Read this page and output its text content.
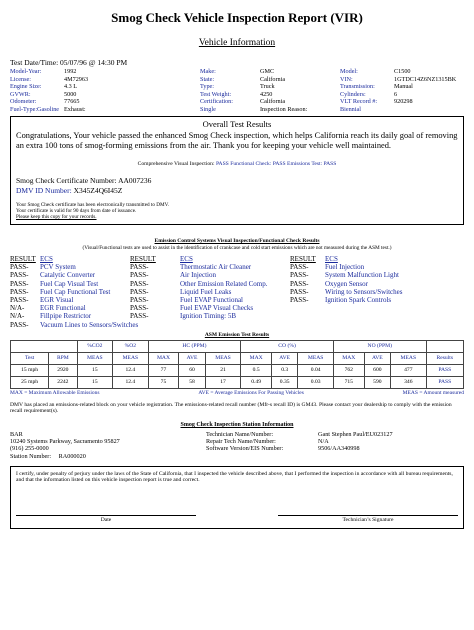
Smog Check Vehicle Inspection Report (VIR)
Vehicle Information
Test Date/Time: 05/07/96 @ 14:30 PM
Model-Year:	1992	Make:	GMC	Model:	C1500
License:	4M72963	State:	California	VIN:	1GTDC14Z6NZ1315BK
Engine Size:	4.3 L	Type:	Truck	Transmission:	Manual
GVWR:	5000	Test Weight:	4250	Cylinders:	6
Odometer:	77665	Certification:	California	VLT Record #:	920298
Fuel-Type:Gasoline Exhaust:	Single	Inspection Reason:	Biennial
Overall Test Results
Congratulations, Your vehicle passed the enhanced Smog Check inspection, which helps California reach its daily goal of removing an extra 100 tons of smog-forming emissions from the air. Thank you for keeping your vehicle well maintained.
Comprehensive Visual Inspection: PASS Functional Check: PASS Emissions Test: PASS
Smog Check Certificate Number: AA007236
DMV ID Number: X345Z4Q6I45Z
Your Smog Check certificate has been electronically transmitted to DMV.
Your certificate is valid for 90 days from date of issuance.
Please keep this copy for your records.
Emission Control Systems Visual Inspection/Functional Check Results
(Visual/Functional tests are used to assist in the identification of crankcase and cold start emissions which are not measured during the ASM test.)
RESULT ECS	RESULT	ECS	RESULT	ECS
PASS-	PCV System	PASS-	Thermostatic Air Cleaner	PASS-	Fuel Injection
PASS-	Catalytic Converter	PASS-	Air Injection	PASS-	System Malfunction Light
PASS-	Fuel Cap Visual Test	PASS-	Other Emission Related Comp.	PASS-	Oxygen Sensor
PASS-	Fuel Cap Functional Test	PASS-	Liquid Fuel Leaks	PASS-	Wiring to Sensors/Switches
PASS-	EGR Visual	PASS-	Fuel EVAP Functional	PASS-	Ignition Spark Controls
N/A-	EGR Functional	PASS-	Fuel EVAP Visual Checks
N/A-	Fillpipe Restrictor	PASS-	Ignition Timing: 5B
PASS-	Vacuum Lines to Sensors/Switches
ASM Emission Test Results
		%CO2	%O2	HC (PPM)			CO (%)			NO (PPM)			
Test	RPM	MEAS	MEAS	MAX	AVE	MEAS	MAX	AVE	MEAS	MAX	AVE	MEAS	Results
15 mph	2920	15	12.4	77	60	21	0.5	0.3	0.04	762	600	477	PASS
25 mph	2242	15	12.4	75	58	17	0.49	0.35	0.03	715	590	346	PASS
MAX = Maximum Allowable Emissions	AVE = Average Emissions For Passing Vehicles	MEAS = Amount measured
DMV has placed an emissions-related block on your vehicle registration. The emissions-related recall number (Mfr-s recall ID) is GM43. Please contact your dealership to comply with the emission recall requirement(s).
Smog Check Inspection Station Information
BAR	Technician Name/Number:	Gant Stephen Paul/EU023127
10240 Systems Parkway, Sacramento 95827	Repair Tech Name/Number:	N/A
(916) 255-0000	Software Version/EIS Number:	9506/AA340998
Station Number: RA000020
I certify, under penalty of perjury under the laws of the State of California, that I inspected the vehicle described above, that I performed the inspection in accordance with all bureau requirements, and that the information listed on this vehicle inspection report is true and correct.
Date	Technician’s Signature
